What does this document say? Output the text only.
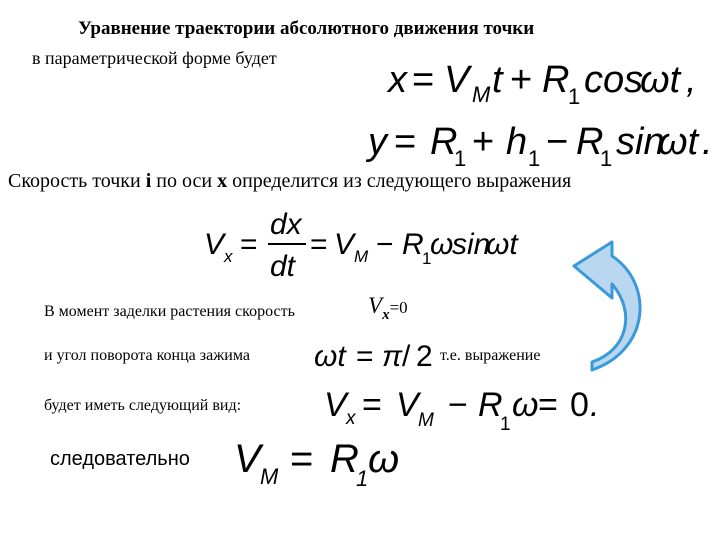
Уравнение траектории абсолютного движения точки
в параметрической форме будет
x = V M t + R
1 cos
ωt ,
y = R
1 + h 1 − R
1 sin
ωt .
Скорость точки i по оси x определится из следующего выражения
V x =
dx
dt
= V M − R
1
ω
sin
ωt
В момент заделки растения скорость	$V_x=0$
и угол поворота конца зажима ωt = π / 2 т.е. выражение
будет иметь следующий вид: V x = V M − R
1
ω = 0 .
следовательно V M = R
1 ω
